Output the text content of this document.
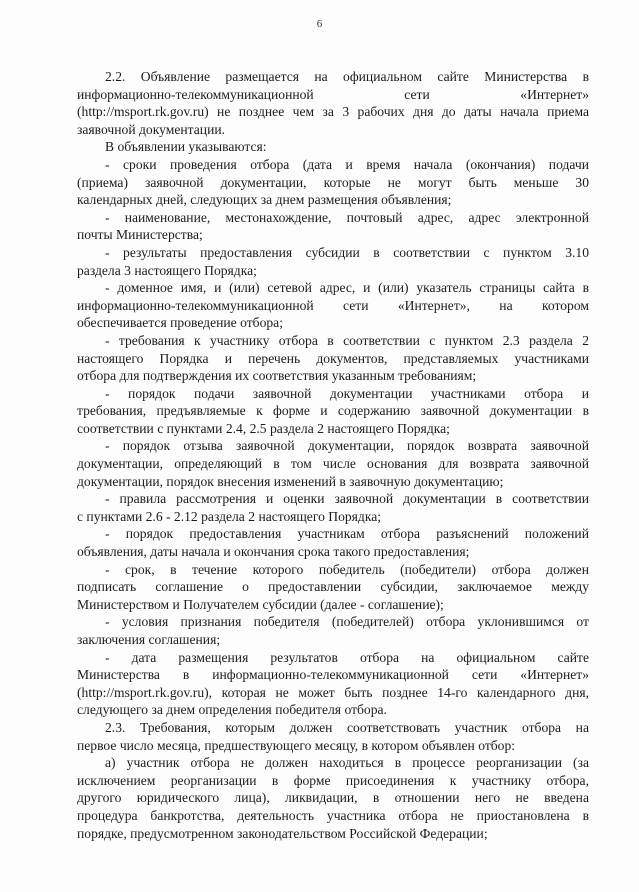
6
2.2. Объявление размещается на официальном сайте Министерства в
информационно-телекоммуникационной сети «Интернет»
(http://msport.rk.gov.ru) не позднее чем за 3 рабочих дня до даты начала приема
заявочной документации.
В объявлении указываются:
- сроки проведения отбора (дата и время начала (окончания) подачи
(приема) заявочной документации, которые не могут быть меньше 30
календарных дней, следующих за днем размещения объявления;
- наименование, местонахождение, почтовый адрес, адрес электронной
почты Министерства;
- результаты предоставления субсидии в соответствии с пунктом 3.10
раздела 3 настоящего Порядка;
- доменное имя, и (или) сетевой адрес, и (или) указатель страницы сайта в
информационно-телекоммуникационной сети «Интернет», на котором
обеспечивается проведение отбора;
- требования к участнику отбора в соответствии с пунктом 2.3 раздела 2
настоящего Порядка и перечень документов, представляемых участниками
отбора для подтверждения их соответствия указанным требованиям;
- порядок подачи заявочной документации участниками отбора и
требования, предъявляемые к форме и содержанию заявочной документации в
соответствии с пунктами 2.4, 2.5 раздела 2 настоящего Порядка;
- порядок отзыва заявочной документации, порядок возврата заявочной
документации, определяющий в том числе основания для возврата заявочной
документации, порядок внесения изменений в заявочную документацию;
- правила рассмотрения и оценки заявочной документации в соответствии
с пунктами 2.6 - 2.12 раздела 2 настоящего Порядка;
- порядок предоставления участникам отбора разъяснений положений
объявления, даты начала и окончания срока такого предоставления;
- срок, в течение которого победитель (победители) отбора должен
подписать соглашение о предоставлении субсидии, заключаемое между
Министерством и Получателем субсидии (далее - соглашение);
- условия признания победителя (победителей) отбора уклонившимся от
заключения соглашения;
- дата размещения результатов отбора на официальном сайте
Министерства в информационно-телекоммуникационной сети «Интернет»
(http://msport.rk.gov.ru), которая не может быть позднее 14-го календарного дня,
следующего за днем определения победителя отбора.
2.3. Требования, которым должен соответствовать участник отбора на
первое число месяца, предшествующего месяцу, в котором объявлен отбор:
а) участник отбора не должен находиться в процессе реорганизации (за
исключением реорганизации в форме присоединения к участнику отбора,
другого юридического лица), ликвидации, в отношении него не введена
процедура банкротства, деятельность участника отбора не приостановлена в
порядке, предусмотренном законодательством Российской Федерации;
